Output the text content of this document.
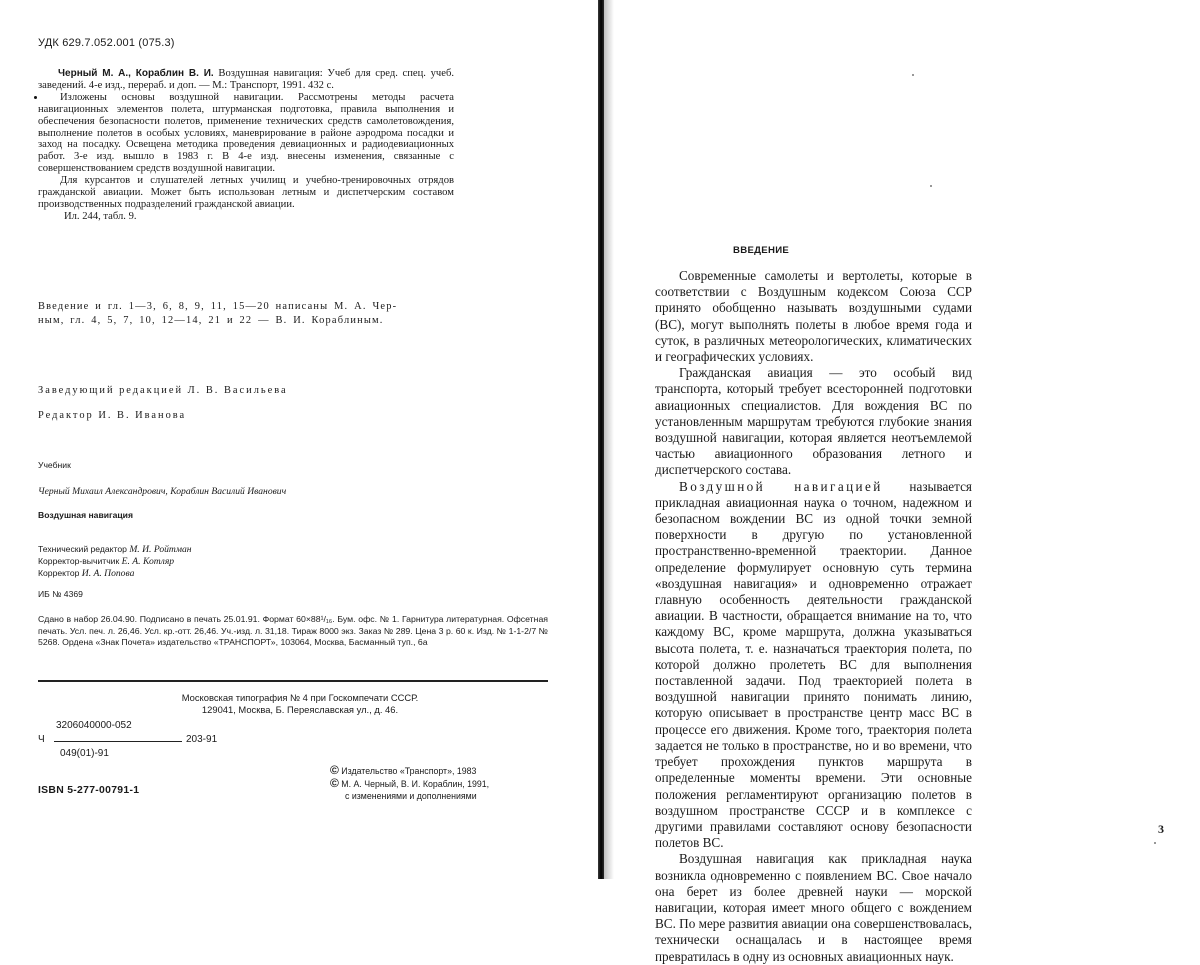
УДК 629.7.052.001 (075.3)

Черный М. А., Кораблин В. И. Воздушная навигация: Учеб для сред. спец. учеб. заведений. 4-е изд., перераб. и доп. — М.: Транспорт, 1991. 432 с.

Изложены основы воздушной навигации. Рассмотрены методы расчета навигационных элементов полета, штурманская подготовка, правила выполнения и обеспечения безопасности полетов, применение технических средств самолетовождения, выполнение полетов в особых условиях, маневрирование в районе аэродрома посадки и заход на посадку. Освещена методика проведения девиационных и радиодевиационных работ. 3-е изд. вышло в 1983 г. В 4-е изд. внесены изменения, связанные с совершенствованием средств воздушной навигации.

Для курсантов и слушателей летных училищ и учебно-тренировочных отрядов гражданской авиации. Может быть использован летным и диспетчерским составом производственных подразделений гражданской авиации.

Ил. 244, табл. 9.

Введение и гл. 1—3, 6, 8, 9, 11, 15—20 написаны М. А. Чер-
ным, гл. 4, 5, 7, 10, 12—14, 21 и 22 — В. И. Кораблиным.
Заведующий редакцией Л. В. Васильева
Редактор И. В. Иванова
Учебник
Черный Михаил Александрович, Кораблин Василий Иванович
Воздушная навигация
Технический редактор М. И. Ройтман
Корректор-вычитчик Е. А. Котляр
Корректор И. А. Попова
ИБ № 4369
Сдано в набор 26.04.90. Подписано в печать 25.01.91. Формат 60×88¹/₁₆. Бум. офс. № 1. Гарнитура литературная. Офсетная печать. Усл. печ. л. 26,46. Усл. кр.-отт. 26,46. Уч.-изд. л. 31,18. Тираж 8000 экз. Заказ № 289. Цена 3 р. 60 к. Изд. № 1-1-2/7 № 5268. Ордена «Знак Почета» издательство «ТРАНСПОРТ», 103064, Москва, Басманный туп., 6а
Московская типография № 4 при Госкомпечати СССР.
129041, Москва, Б. Переяславская ул., д. 46.
3206040000-052
Ч	203-91
049(01)-91
ISBN 5-277-00791-1
© Издательство «Транспорт», 1983
© М. А. Черный, В. И. Кораблин, 1991,
с изменениями и дополнениями
ВВЕДЕНИЕ

Современные самолеты и вертолеты, которые в соответствии с Воздушным кодексом Союза ССР принято обобщенно называть воздушными судами (ВС), могут выполнять полеты в любое время года и суток, в различных метеорологических, климатических и географических условиях.

Гражданская авиация — это особый вид транспорта, который требует всесторонней подготовки авиационных специалистов. Для вождения ВС по установленным маршрутам требуются глубокие знания воздушной навигации, которая является неотъемлемой частью авиационного образования летного и диспетчерского состава.

Воздушной навигацией называется прикладная авиационная наука о точном, надежном и безопасном вождении ВС из одной точки земной поверхности в другую по установленной пространственно-временной траектории. Данное определение формулирует основную суть термина «воздушная навигация» и одновременно отражает главную особенность деятельности гражданской авиации. В частности, обращается внимание на то, что каждому ВС, кроме маршрута, должна указываться высота полета, т. е. назначаться траектория полета, по которой должно пролететь ВС для выполнения поставленной задачи. Под траекторией полета в воздушной навигации принято понимать линию, которую описывает в пространстве центр масс ВС в процессе его движения. Кроме того, траектория полета задается не только в пространстве, но и во времени, что требует прохождения пунктов маршрута в определенные моменты времени. Эти основные положения регламентируют организацию полетов в воздушном пространстве СССР и в комплексе с другими правилами составляют основу безопасности полетов ВС.

Воздушная навигация как прикладная наука возникла одновременно с появлением ВС. Свое начало она берет из более древней науки — морской навигации, которая имеет много общего с вождением ВС. По мере развития авиации она совершенствовалась, технически оснащалась и в настоящее время превратилась в одну из основных авиационных наук.

3
